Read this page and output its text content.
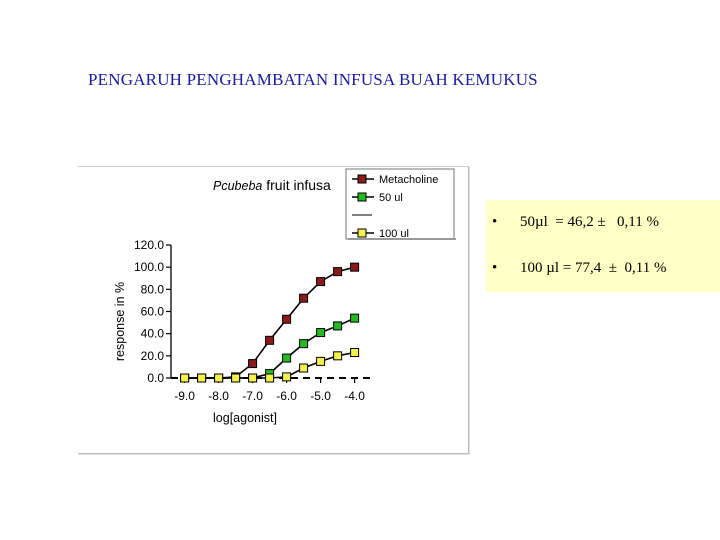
PENGARUH PENGHAMBATAN INFUSA BUAH KEMUKUS
0.0
20.0
40.0
60.0
80.0
100.0
120.0
-9.0 -8.0 -7.0 -6.0 -5.0 -4.0
log[agonist]
response in %
Pcubeba fruit infusa	Metacholine
50 ul
100 ul
• 50µl  = 46,2 ±   0,11 %
• 100 µl = 77,4  ±  0,11 %
